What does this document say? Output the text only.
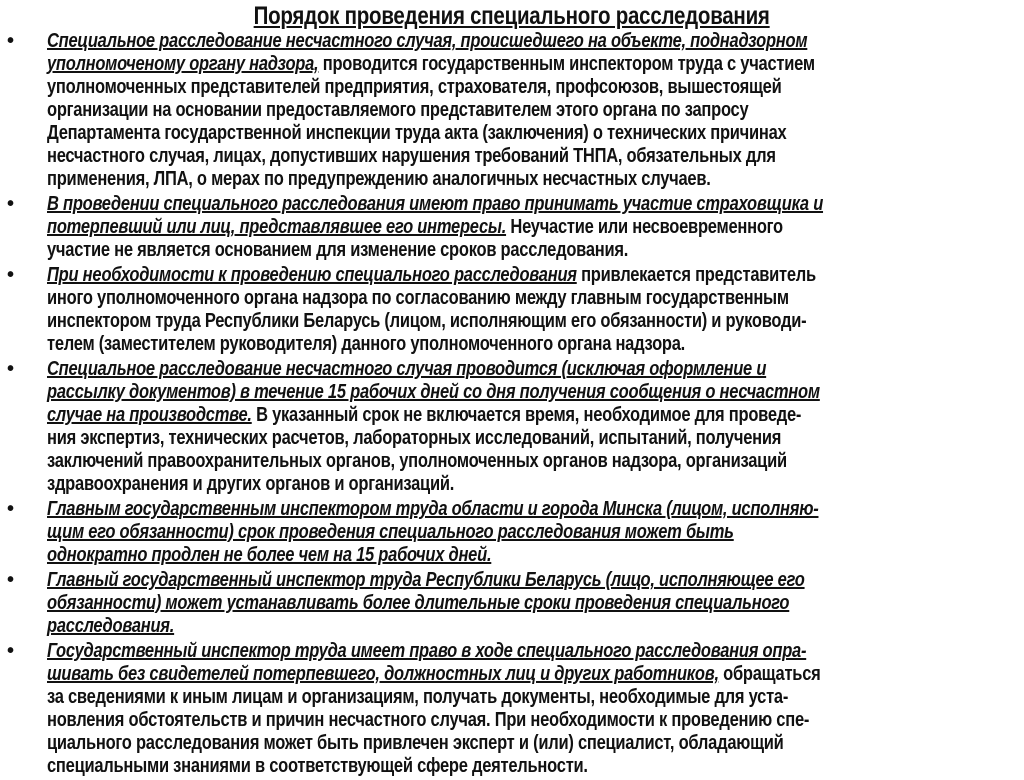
Порядок проведения специального расследования
• Специальное расследование несчастного случая, происшедшего на объекте, поднадзорном
уполномоченому органу надзора, проводится государственным инспектором труда с участием
уполномоченных представителей предприятия, страхователя, профсоюзов, вышестоящей
организации на основании предоставляемого представителем этого органа по запросу
Департамента государственной инспекции труда акта (заключения) о технических причинах
несчастного случая, лицах, допустивших нарушения требований ТНПА, обязательных для
применения, ЛПА, о мерах по предупреждению аналогичных несчастных случаев.
• В проведении специального расследования имеют право принимать участие страховщика и
потерпевший или лиц, представлявшее его интересы. Неучастие или несвоевременного
участие не является основанием для изменение сроков расследования.
• При необходимости к проведению специального расследования привлекается представитель
иного уполномоченного органа надзора по согласованию между главным государственным
инспектором труда Республики Беларусь (лицом, исполняющим его обязанности) и руководи-
телем (заместителем руководителя) данного уполномоченного органа надзора.
• Специальное расследование несчастного случая проводится (исключая оформление и
рассылку документов) в течение 15 рабочих дней со дня получения сообщения о несчастном
случае на производстве. В указанный срок не включается время, необходимое для проведе-
ния экспертиз, технических расчетов, лабораторных исследований, испытаний, получения
заключений правоохранительных органов, уполномоченных органов надзора, организаций
здравоохранения и других органов и организаций.
• Главным государственным инспектором труда области и города Минска (лицом, исполняю-
щим его обязанности) срок проведения специального расследования может быть
однократно продлен не более чем на 15 рабочих дней.
• Главный государственный инспектор труда Республики Беларусь (лицо, исполняющее его
обязанности) может устанавливать более длительные сроки проведения специального
расследования.
• Государственный инспектор труда имеет право в ходе специального расследования опра-
шивать без свидетелей потерпевшего, должностных лиц и других работников, обращаться
за сведениями к иным лицам и организациям, получать документы, необходимые для уста-
новления обстоятельств и причин несчастного случая. При необходимости к проведению спе-
циального расследования может быть привлечен эксперт и (или) специалист, обладающий
специальными знаниями в соответствующей сфере деятельности.
